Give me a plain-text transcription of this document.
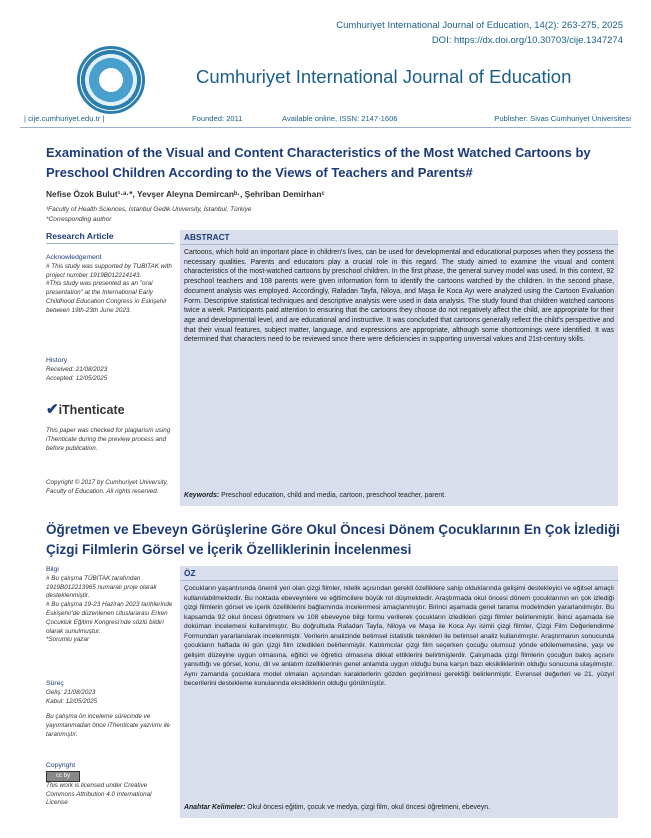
Cumhuriyet International Journal of Education, 14(2): 263-275, 2025
DOI: https://dx.doi.org/10.30703/cije.1347274
Cumhuriyet International Journal of Education
| cije.cumhuriyet.edu.tr |	Founded: 2011	Available online, ISSN: 2147-1606	Publisher: Sivas Cumhuriyet Üniversitesi
Examination of the Visual and Content Characteristics of the Most Watched Cartoons by Preschool Children According to the Views of Teachers and Parents#
Nefise Özok Bulut¹·ᵃ·*, Yevşer Aleyna Demircanᵇ·, Şehriban Demirhanᶜ
¹Faculty of Health Sciences, İstanbul Gedik University, İstanbul, Türkiye
*Corresponding author
Research Article
Acknowledgement
# This study was supported by TUBITAK with project number 1919B012214143.
#This study was presented as an "oral presentation" at the International Early Childhood Education Congress in Eskişehir between 19th-23th June 2023.
History
Received: 21/08/2023
Accepted: 12/05/2025
✔iThenticate
This paper was checked for plagiarism using iThenticate during the preview process and before publication.
Copyright © 2017 by Cumhuriyet University, Faculty of Education. All rights reserved.
ABSTRACT
Cartoons, which hold an important place in children's lives, can be used for developmental and educational purposes when they possess the necessary qualities. Parents and educators play a crucial role in this regard. The study aimed to examine the visual and content characteristics of the most-watched cartoons by preschool children. In the first phase, the general survey model was used. In this context, 92 preschool teachers and 108 parents were given information form to identify the cartoons watched by the children. In the second phase, document analysis was employed. Accordingly, Rafadan Tayfa, Niloya, and Maşa ile Koca Ayı were analyzed using the Cartoon Evaluation Form. Descriptive statistical techniques and descriptive analysis were used in data analysis. The study found that children watched cartoons twice a week. Participants paid attention to ensuring that the cartoons they choose do not negatively affect the child, are appropriate for their age and developmental level, and are educational and instructive. It was concluded that cartoons generally reflect the child's perspective and that their visual features, subject matter, language, and expressions are appropriate, although some shortcomings were identified. It was determined that characters need to be reviewed since there were deficiencies in supporting universal values and 21st-century skills.
Keywords: Preschool education, child and media, cartoon, preschool teacher, parent.
Öğretmen ve Ebeveyn Görüşlerine Göre Okul Öncesi Dönem Çocuklarının En Çok İzlediği Çizgi Filmlerin Görsel ve İçerik Özelliklerinin İncelenmesi
Bilgi
# Bu çalışma TÜBİTAK tarafından 1919B012213965 numaralı proje olarak desteklenmiştir.
# Bu çalışma 19-23 Haziran 2023 tarihlerinde Eskişehir'de düzenlenen Uluslararası Erken Çocukluk Eğitimi Kongresi'nde sözlü bildiri olarak sunulmuştur.
*Sorumlu yazar
Süreç
Geliş: 21/08/2023
Kabul: 12/05/2025
Bu çalışma ön inceleme sürecinde ve yayımlanmadan önce iThenticate yazılımı ile taranmıştır.
Copyright
cc by
This work is licensed under Creative Commons Attribution 4.0 International License
ÖZ
Çocukların yaşantısında önemli yeri olan çizgi filmler, nitelik açısından gerekli özelliklere sahip olduklarında gelişimi destekleyici ve eğitsel amaçlı kullanılabilmektedir. Bu noktada ebeveynlere ve eğitimcilere büyük rol düşmektedir. Araştırmada okul öncesi dönem çocuklarının en çok izlediği çizgi filmlerin görsel ve içerik özelliklerini bağlamında incelenmesi amaçlanmıştır. Birinci aşamada genel tarama modelinden yararlanılmıştır. Bu kapsamda 92 okul öncesi öğretmeni ve 108 ebeveyne bilgi formu verilerek çocukların izledikleri çizgi filmler belirlenmiştir. İkinci aşamada ise doküman incelemesi kullanılmıştır. Bu doğrultuda Rafadan Tayfa, Niloya ve Maşa ile Koca Ayı isimli çizgi filmler, Çizgi Film Değerlendirme Formundan yararlanılarak incelenmiştir. Verilerin analizinde betimsel istatistik teknikleri ile betimsel analiz kullanılmıştır. Araştırmanın sonucunda çocukların haftada iki gün çizgi film izledikleri belirlenmiştir. Katılımcılar çizgi film seçerken çocuğu olumsuz yönde etkilememesine, yaşı ve gelişim düzeyine uygun olmasına, eğitici ve öğretici olmasına dikkat ettiklerini belirtmişlerdir. Çalışmada çizgi filmlerin çocuğun bakış açısını yansıttığı ve görsel, konu, dil ve anlatım özelliklerinin genel anlamda uygun olduğu buna karşın bazı eksikliklerinin olduğu sonucuna ulaşılmıştır. Aynı zamanda çocuklara model olmaları açısından karakterlerin gözden geçirilmesi gerektiği belirlenmiştir. Evrensel değerleri ve 21. yüzyıl becerilerini destekleme konularında eksikliklerin olduğu görülmüştür.
Anahtar Kelimeler: Okul öncesi eğitim, çocuk ve medya, çizgi film, okul öncesi öğretmeni, ebeveyn.
